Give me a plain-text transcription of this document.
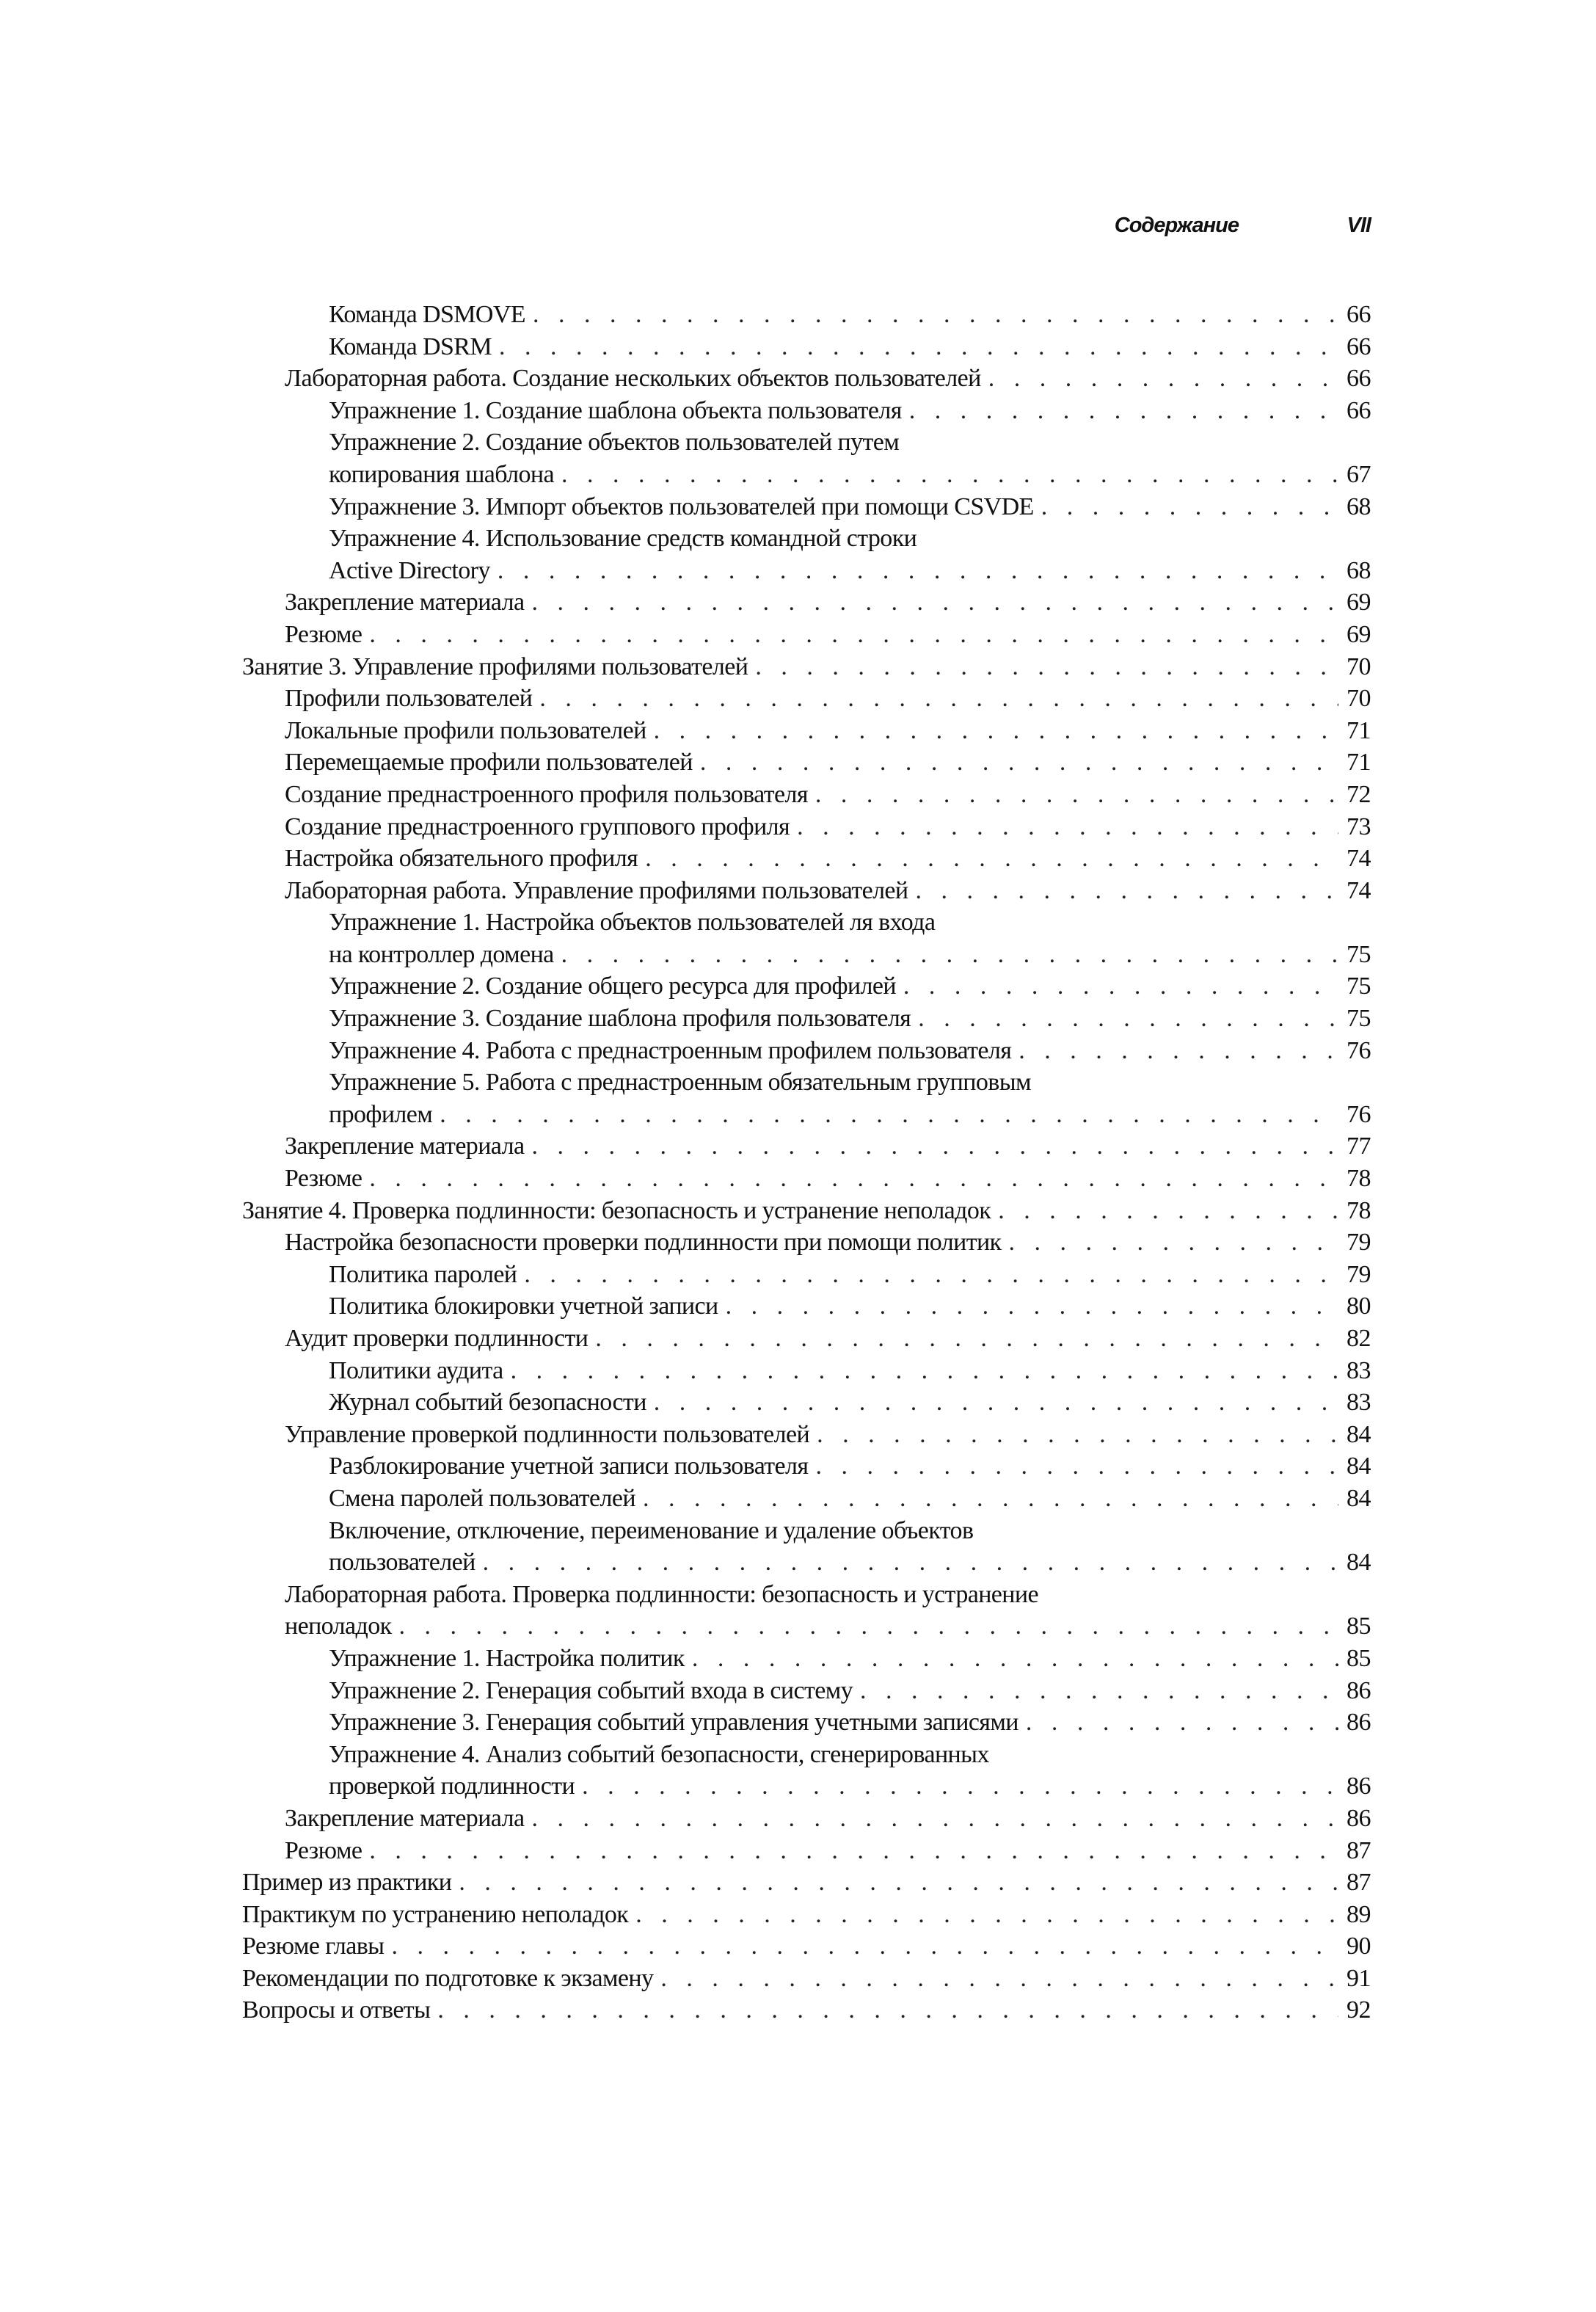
Содержание	VII
Команда DSMOVE . . .	66
Команда DSRM . . .	66
Лабораторная работа. Создание нескольких объектов пользователей . . .	66
Упражнение 1. Создание шаблона объекта пользователя . . .	66
Упражнение 2. Создание объектов пользователей путем
копирования шаблона . . .	67
Упражнение 3. Импорт объектов пользователей при помощи CSVDE . . .	68
Упражнение 4. Использование средств командной строки
Active Directory . . .	68
Закрепление материала . . .	69
Резюме . . .	69
Занятие 3. Управление профилями пользователей . . .	70
Профили пользователей . . .	70
Локальные профили пользователей . . .	71
Перемещаемые профили пользователей . . .	71
Создание преднастроенного профиля пользователя . . .	72
Создание преднастроенного группового профиля . . .	73
Настройка обязательного профиля . . .	74
Лабораторная работа. Управление профилями пользователей . . .	74
Упражнение 1. Настройка объектов пользователей ля входа
на контроллер домена . . .	75
Упражнение 2. Создание общего ресурса для профилей . . .	75
Упражнение 3. Создание шаблона профиля пользователя . . .	75
Упражнение 4. Работа с преднастроенным профилем пользователя . . .	76
Упражнение 5. Работа с преднастроенным обязательным групповым
профилем . . .	76
Закрепление материала . . .	77
Резюме . . .	78
Занятие 4. Проверка подлинности: безопасность и устранение неполадок . . .	78
Настройка безопасности проверки подлинности при помощи политик . . .	79
Политика паролей . . .	79
Политика блокировки учетной записи . . .	80
Аудит проверки подлинности . . .	82
Политики аудита . . .	83
Журнал событий безопасности . . .	83
Управление проверкой подлинности пользователей . . .	84
Разблокирование учетной записи пользователя . . .	84
Смена паролей пользователей . . .	84
Включение, отключение, переименование и удаление объектов
пользователей . . .	84
Лабораторная работа. Проверка подлинности: безопасность и устранение
неполадок . . .	85
Упражнение 1. Настройка политик . . .	85
Упражнение 2. Генерация событий входа в систему . . .	86
Упражнение 3. Генерация событий управления учетными записями . . .	86
Упражнение 4. Анализ событий безопасности, сгенерированных
проверкой подлинности . . .	86
Закрепление материала . . .	86
Резюме . . .	87
Пример из практики . . .	87
Практикум по устранению неполадок . . .	89
Резюме главы . . .	90
Рекомендации по подготовке к экзамену . . .	91
Вопросы и ответы . . .	92
